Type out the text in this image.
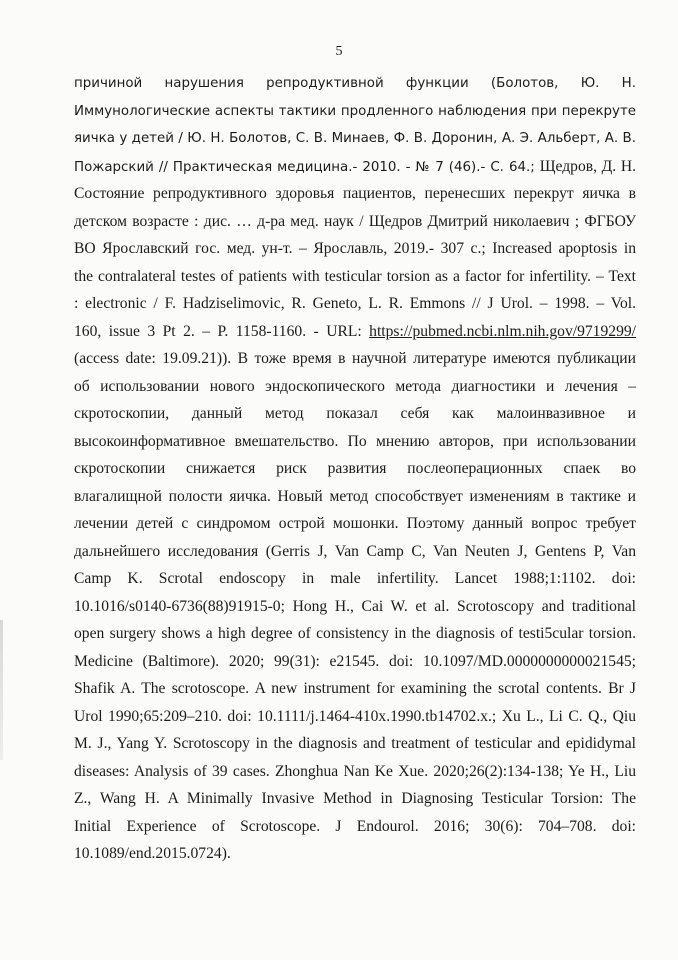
5
причиной нарушения репродуктивной функции (Болотов, Ю. Н.
Иммунологические аспекты тактики продленного наблюдения при перекруте
яичка у детей / Ю. Н. Болотов, С. В. Минаев, Ф. В. Доронин, А. Э. Альберт, А. В.
Пожарский // Практическая медицина.- 2010. - № 7 (46).- С. 64.; Щедров, Д. Н.
Состояние репродуктивного здоровья пациентов, перенесших перекрут яичка в
детском возрасте : дис. … д-ра мед. наук / Щедров Дмитрий николаевич ; ФГБОУ
ВО Ярославский гос. мед. ун-т. – Ярославль, 2019.- 307 с.; Increased apoptosis in
the contralateral testes of patients with testicular torsion as a factor for infertility. – Text
: electronic / F. Hadziselimovic, R. Geneto, L. R. Emmons // J Urol. – 1998. – Vol.
160, issue 3 Pt 2. – P. 1158-1160. - URL: https://pubmed.ncbi.nlm.nih.gov/9719299/
(access date: 19.09.21)). В тоже время в научной литературе имеются публикации
об использовании нового эндоскопического метода диагностики и лечения –
скротоскопии, данный метод показал себя как малоинвазивное и
высокоинформативное вмешательство. По мнению авторов, при использовании
скротоскопии снижается риск развития послеоперационных спаек во
влагалищной полости яичка. Новый метод способствует изменениям в тактике и
лечении детей с синдромом острой мошонки. Поэтому данный вопрос требует
дальнейшего исследования (Gerris J, Van Camp C, Van Neuten J, Gentens P, Van
Camp K. Scrotal endoscopy in male infertility. Lancet 1988;1:1102. doi:
10.1016/s0140-6736(88)91915-0; Hong H., Cai W. et al. Scrotoscopy and traditional
open surgery shows a high degree of consistency in the diagnosis of testi5cular torsion.
Medicine (Baltimore). 2020; 99(31): e21545. doi: 10.1097/MD.0000000000021545;
Shafik A. The scrotoscope. A new instrument for examining the scrotal contents. Br J
Urol 1990;65:209–210. doi: 10.1111/j.1464-410x.1990.tb14702.x.; Xu L., Li C. Q., Qiu
M. J., Yang Y. Scrotoscopy in the diagnosis and treatment of testicular and epididymal
diseases: Analysis of 39 cases. Zhonghua Nan Ke Xue. 2020;26(2):134-138; Ye H., Liu
Z., Wang H. A Minimally Invasive Method in Diagnosing Testicular Torsion: The
Initial Experience of Scrotoscope. J Endourol. 2016; 30(6): 704–708. doi:
10.1089/end.2015.0724).
